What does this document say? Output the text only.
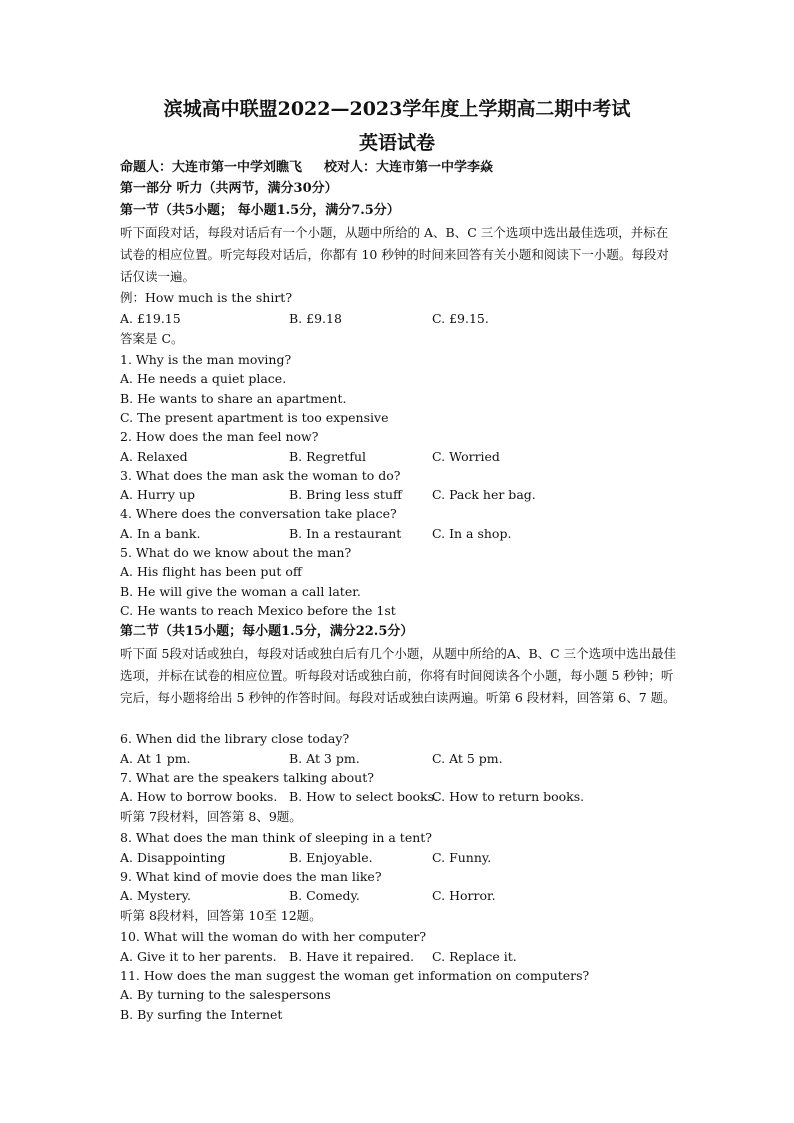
滨城高中联盟2022—2023学年度上学期高二期中考试
英语试卷
命题人：大连市第一中学刘瞧飞 校对人：大连市第一中学李焱
第一部分 听力（共两节，满分30分）
第一节（共5小题； 每小题1.5分，满分7.5分）
听下面段对话，每段对话后有一个小题，从题中所给的 A、B、C 三个选项中选出最佳选项，并标在试卷的相应位置。听完每段对话后，你都有 10 秒钟的时间来回答有关小题和阅读下一小题。每段对话仅读一遍。
例：How much is the shirt?
A. £19.15	B. £9.18	C. £9.15.
答案是 C。
1. Why is the man moving?
A. He needs a quiet place.
B. He wants to share an apartment.
C. The present apartment is too expensive
2. How does the man feel now?
A. Relaxed	B. Regretful	C. Worried
3. What does the man ask the woman to do?
A. Hurry up	B. Bring less stuff C. Pack her bag.
4. Where does the conversation take place?
A. In a bank.	B. In a restaurant C. In a shop.
5. What do we know about the man?
A. His flight has been put off
B. He will give the woman a call later.
C. He wants to reach Mexico before the 1st
第二节（共15小题；每小题1.5分，满分22.5分）
听下面 5段对话或独白，每段对话或独白后有几个小题，从题中所给的A、B、C 三个选项中选出最佳选项，并标在试卷的相应位置。听每段对话或独白前，你将有时间阅读各个小题，每小题 5 秒钟；听完后，每小题将给出 5 秒钟的作答时间。每段对话或独白读两遍。听第 6 段材料，回答第 6、7 题。
6. When did the library close today?
A. At 1 pm.	B. At 3 pm.	C. At 5 pm.
7. What are the speakers talking about?
A. How to borrow books. B. How to select books.
C. How to return books.
听第 7段材料，回答第 8、9题。
8. What does the man think of sleeping in a tent?
A. Disappointing	B. Enjoyable.	C. Funny.
9. What kind of movie does the man like?
A. Mystery.	B. Comedy.	C. Horror.
听第 8段材料，回答第 10至 12题。
10. What will the woman do with her computer?
A. Give it to her parents. B. Have it repaired. C. Replace it.
11. How does the man suggest the woman get information on computers?
A. By turning to the salespersons
B. By surfing the Internet
